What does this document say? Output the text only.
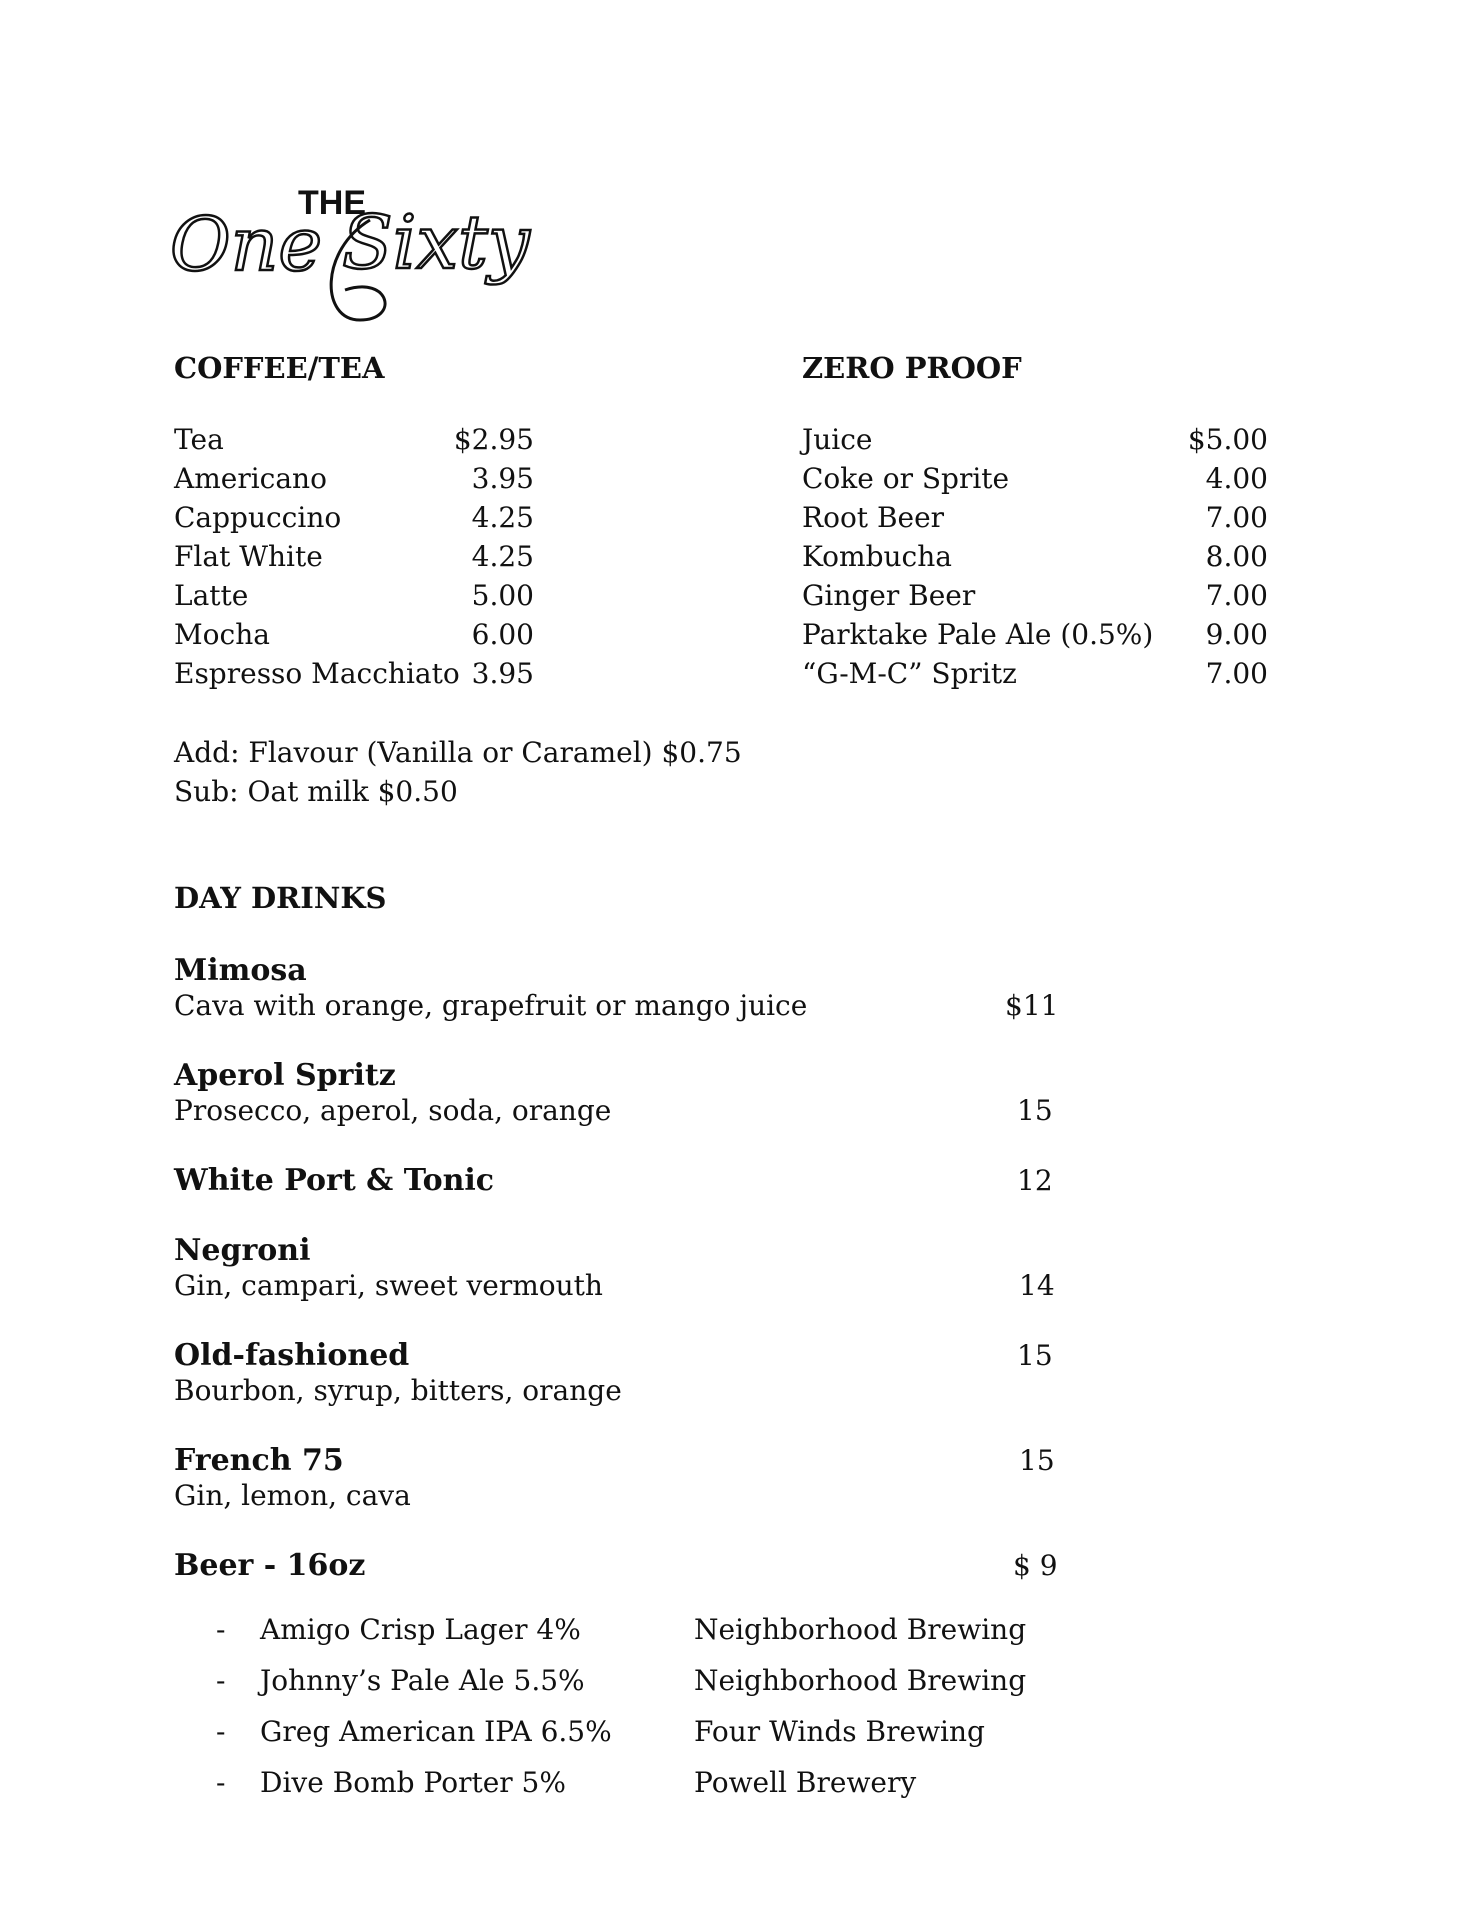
THE
One Sixty
COFFEE/TEA
Tea	$2.95
Americano	3.95
Cappuccino	4.25
Flat White	4.25
Latte	5.00
Mocha	6.00
Espresso Macchiato 3.95
Add: Flavour (Vanilla or Caramel) $0.75
Sub: Oat milk $0.50
ZERO PROOF
Juice	$5.00
Coke or Sprite	4.00
Root Beer	7.00
Kombucha	8.00
Ginger Beer	7.00
Parktake Pale Ale (0.5%)	9.00
“G-M-C” Spritz	7.00
DAY DRINKS
Mimosa
Cava with orange, grapefruit or mango juice	$11
Aperol Spritz
Prosecco, aperol, soda, orange	15
White Port & Tonic	12
Negroni
Gin, campari, sweet vermouth	14
Old-fashioned	15
Bourbon, syrup, bitters, orange
French 75	15
Gin, lemon, cava
Beer - 16oz	$ 9
- Amigo Crisp Lager 4%	Neighborhood Brewing
- Johnny’s Pale Ale 5.5%	Neighborhood Brewing
- Greg American IPA 6.5%	Four Winds Brewing
- Dive Bomb Porter 5%	Powell Brewery
